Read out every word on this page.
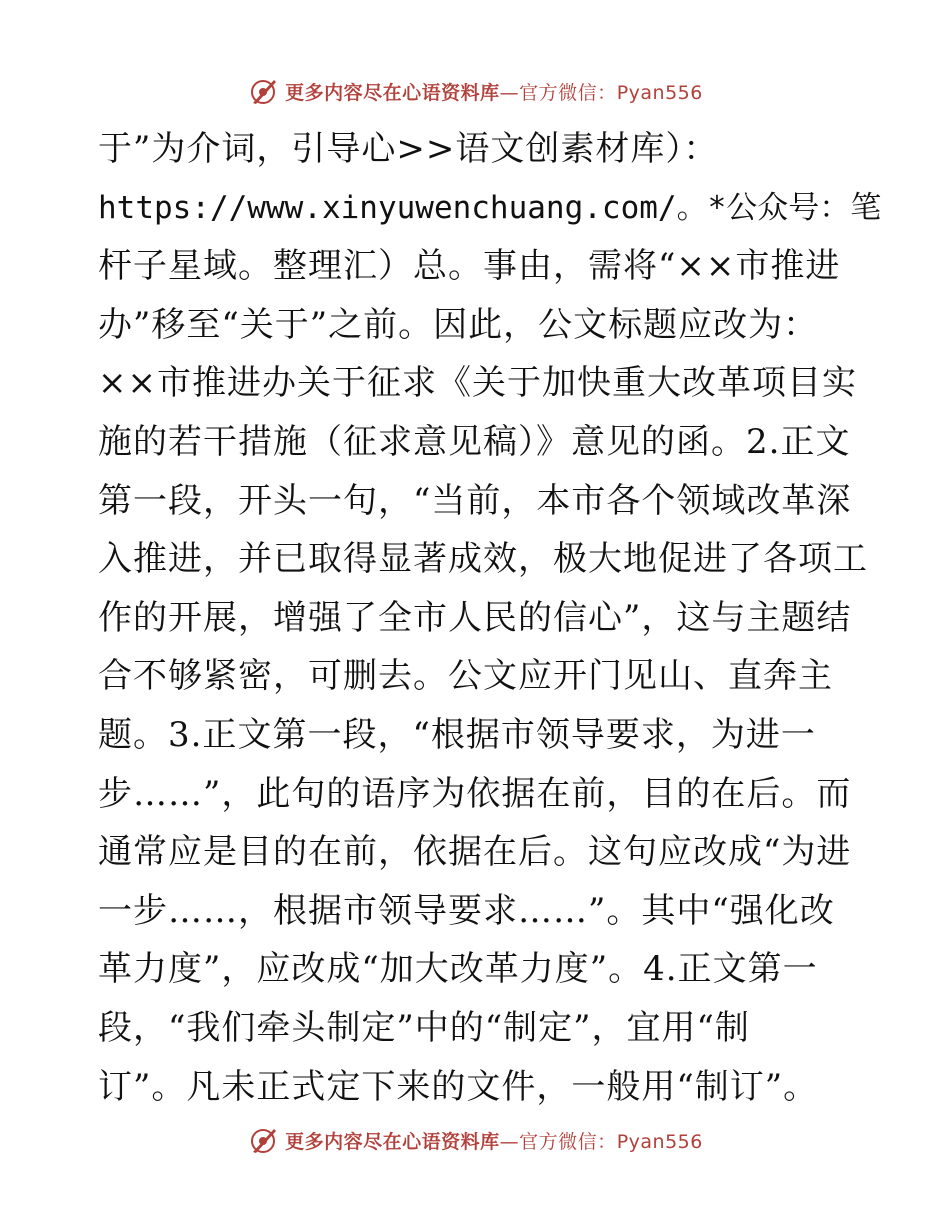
更多内容尽在心语资料库—官方微信：Pyan556
于”为介词，引导心>>语文创素材库）：
https://www.xinyuwenchuang.com/。*公众号：笔
杆子星域。整理汇）总。事由，需将“××市推进
办”移至“关于”之前。因此，公文标题应改为：
××市推进办关于征求《关于加快重大改革项目实
施的若干措施（征求意见稿）》意见的函。2.正文
第一段，开头一句，“当前，本市各个领域改革深
入推进，并已取得显著成效，极大地促进了各项工
作的开展，增强了全市人民的信心”，这与主题结
合不够紧密，可删去。公文应开门见山、直奔主
题。3.正文第一段，“根据市领导要求，为进一
步……”，此句的语序为依据在前，目的在后。而
通常应是目的在前，依据在后。这句应改成“为进
一步……，根据市领导要求……”。其中“强化改
革力度”，应改成“加大改革力度”。4.正文第一
段，“我们牵头制定”中的“制定”，宜用“制
订”。凡未正式定下来的文件，一般用“制订”。
更多内容尽在心语资料库—官方微信：Pyan556
